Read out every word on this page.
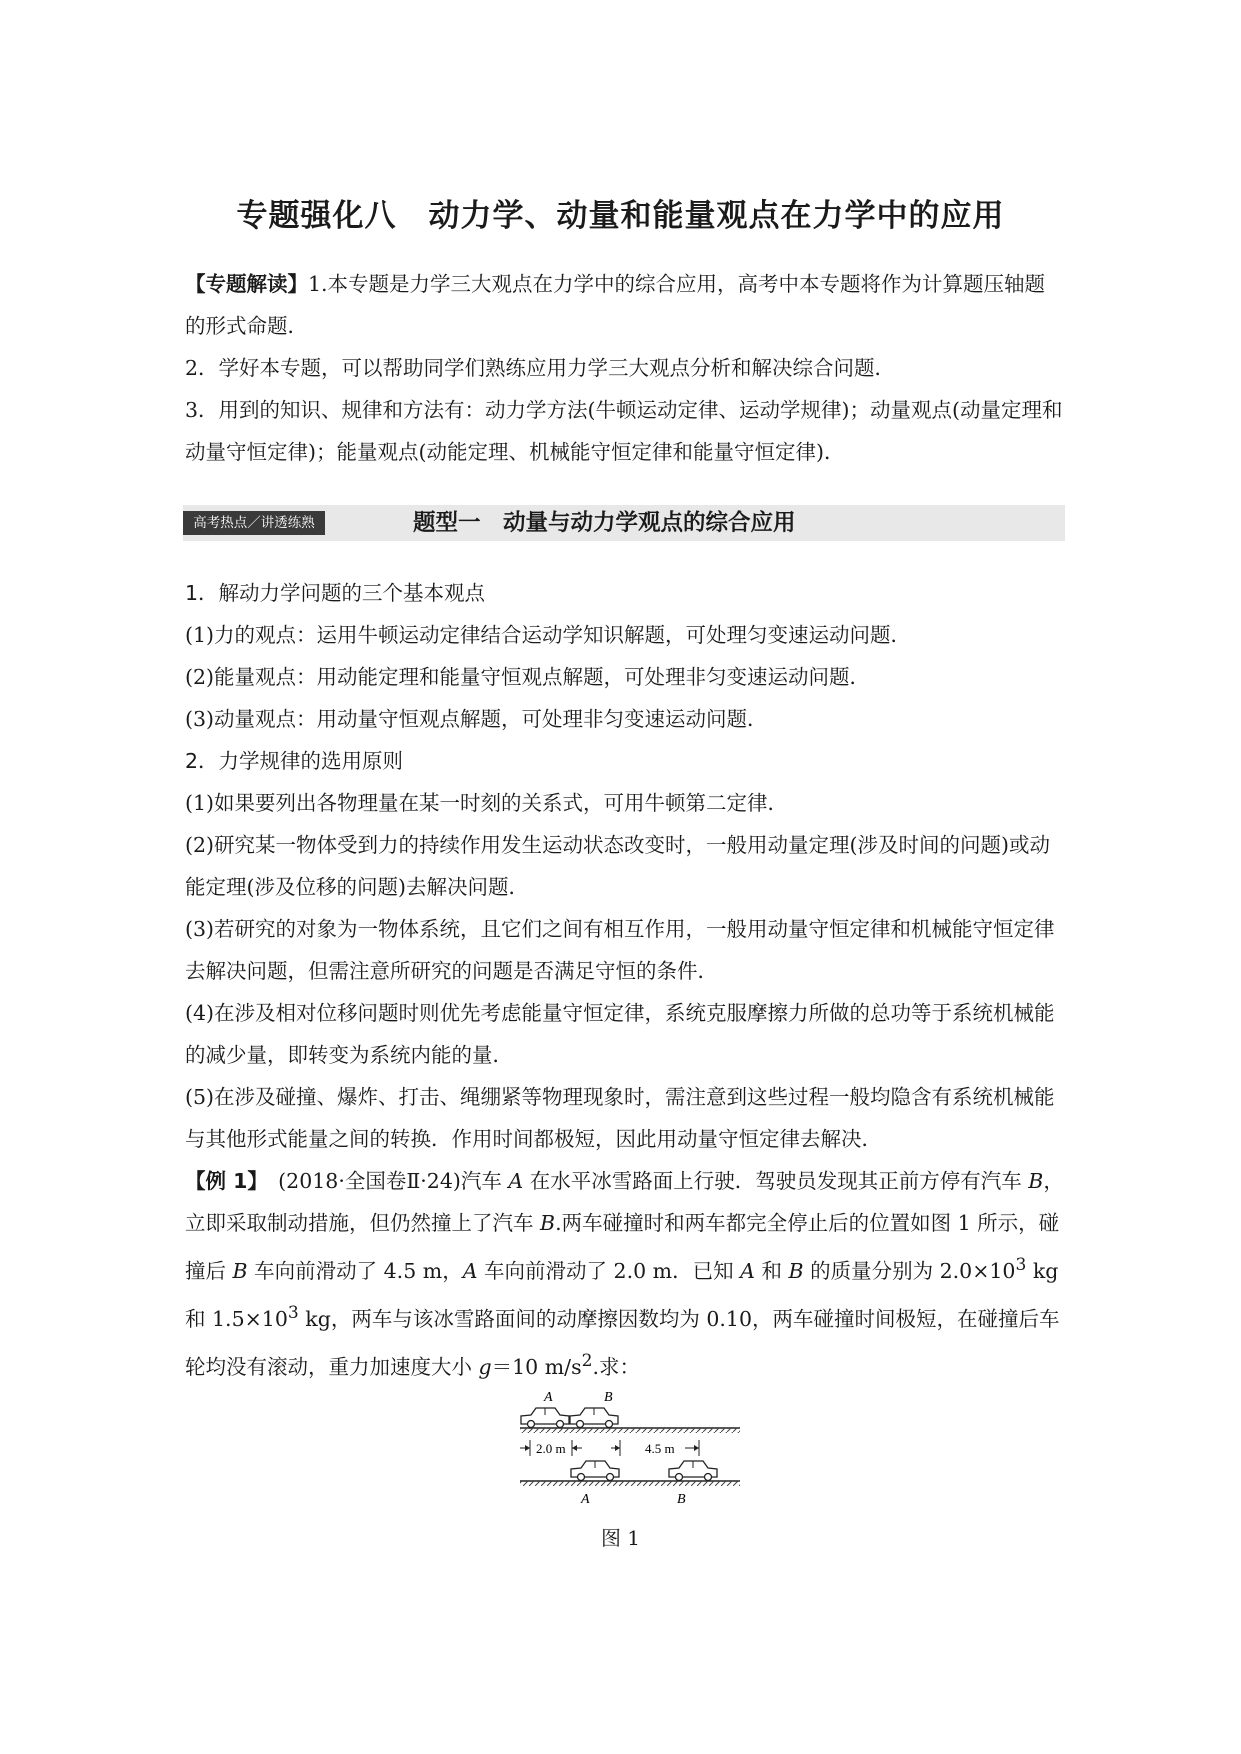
专题强化八　动力学、动量和能量观点在力学中的应用

【专题解读】1.本专题是力学三大观点在力学中的综合应用，高考中本专题将作为计算题压轴题的形式命题．

2．学好本专题，可以帮助同学们熟练应用力学三大观点分析和解决综合问题．

3．用到的知识、规律和方法有：动力学方法(牛顿运动定律、运动学规律)；动量观点(动量定理和动量守恒定律)；能量观点(动能定理、机械能守恒定律和能量守恒定律)．

高考热点／讲透练熟	题型一　动量与动力学观点的综合应用

1．解动力学问题的三个基本观点

(1)力的观点：运用牛顿运动定律结合运动学知识解题，可处理匀变速运动问题．

(2)能量观点：用动能定理和能量守恒观点解题，可处理非匀变速运动问题．

(3)动量观点：用动量守恒观点解题，可处理非匀变速运动问题．

2．力学规律的选用原则

(1)如果要列出各物理量在某一时刻的关系式，可用牛顿第二定律．

(2)研究某一物体受到力的持续作用发生运动状态改变时，一般用动量定理(涉及时间的问题)或动能定理(涉及位移的问题)去解决问题．

(3)若研究的对象为一物体系统，且它们之间有相互作用，一般用动量守恒定律和机械能守恒定律去解决问题，但需注意所研究的问题是否满足守恒的条件．

(4)在涉及相对位移问题时则优先考虑能量守恒定律，系统克服摩擦力所做的总功等于系统机械能的减少量，即转变为系统内能的量．

(5)在涉及碰撞、爆炸、打击、绳绷紧等物理现象时，需注意到这些过程一般均隐含有系统机械能与其他形式能量之间的转换．作用时间都极短，因此用动量守恒定律去解决．

【例 1】　 (2018·全国卷Ⅱ·24)汽车 A 在水平冰雪路面上行驶．驾驶员发现其正前方停有汽车 B，立即采取制动措施，但仍然撞上了汽车 B.两车碰撞时和两车都完全停止后的位置如图 1 所示，碰撞后 B 车向前滑动了 4.5 m，A 车向前滑动了 2.0 m．已知 A 和 B 的质量分别为 $2.0\times 10^3$ kg 和 $1.5\times 10^3$ kg，两车与该冰雪路面间的动摩擦因数均为 0.10，两车碰撞时间极短，在碰撞后车轮均没有滚动，重力加速度大小 g＝10 $m/s^2$.求：

A	B
2.0 m	4.5 m
A	B
图 1
